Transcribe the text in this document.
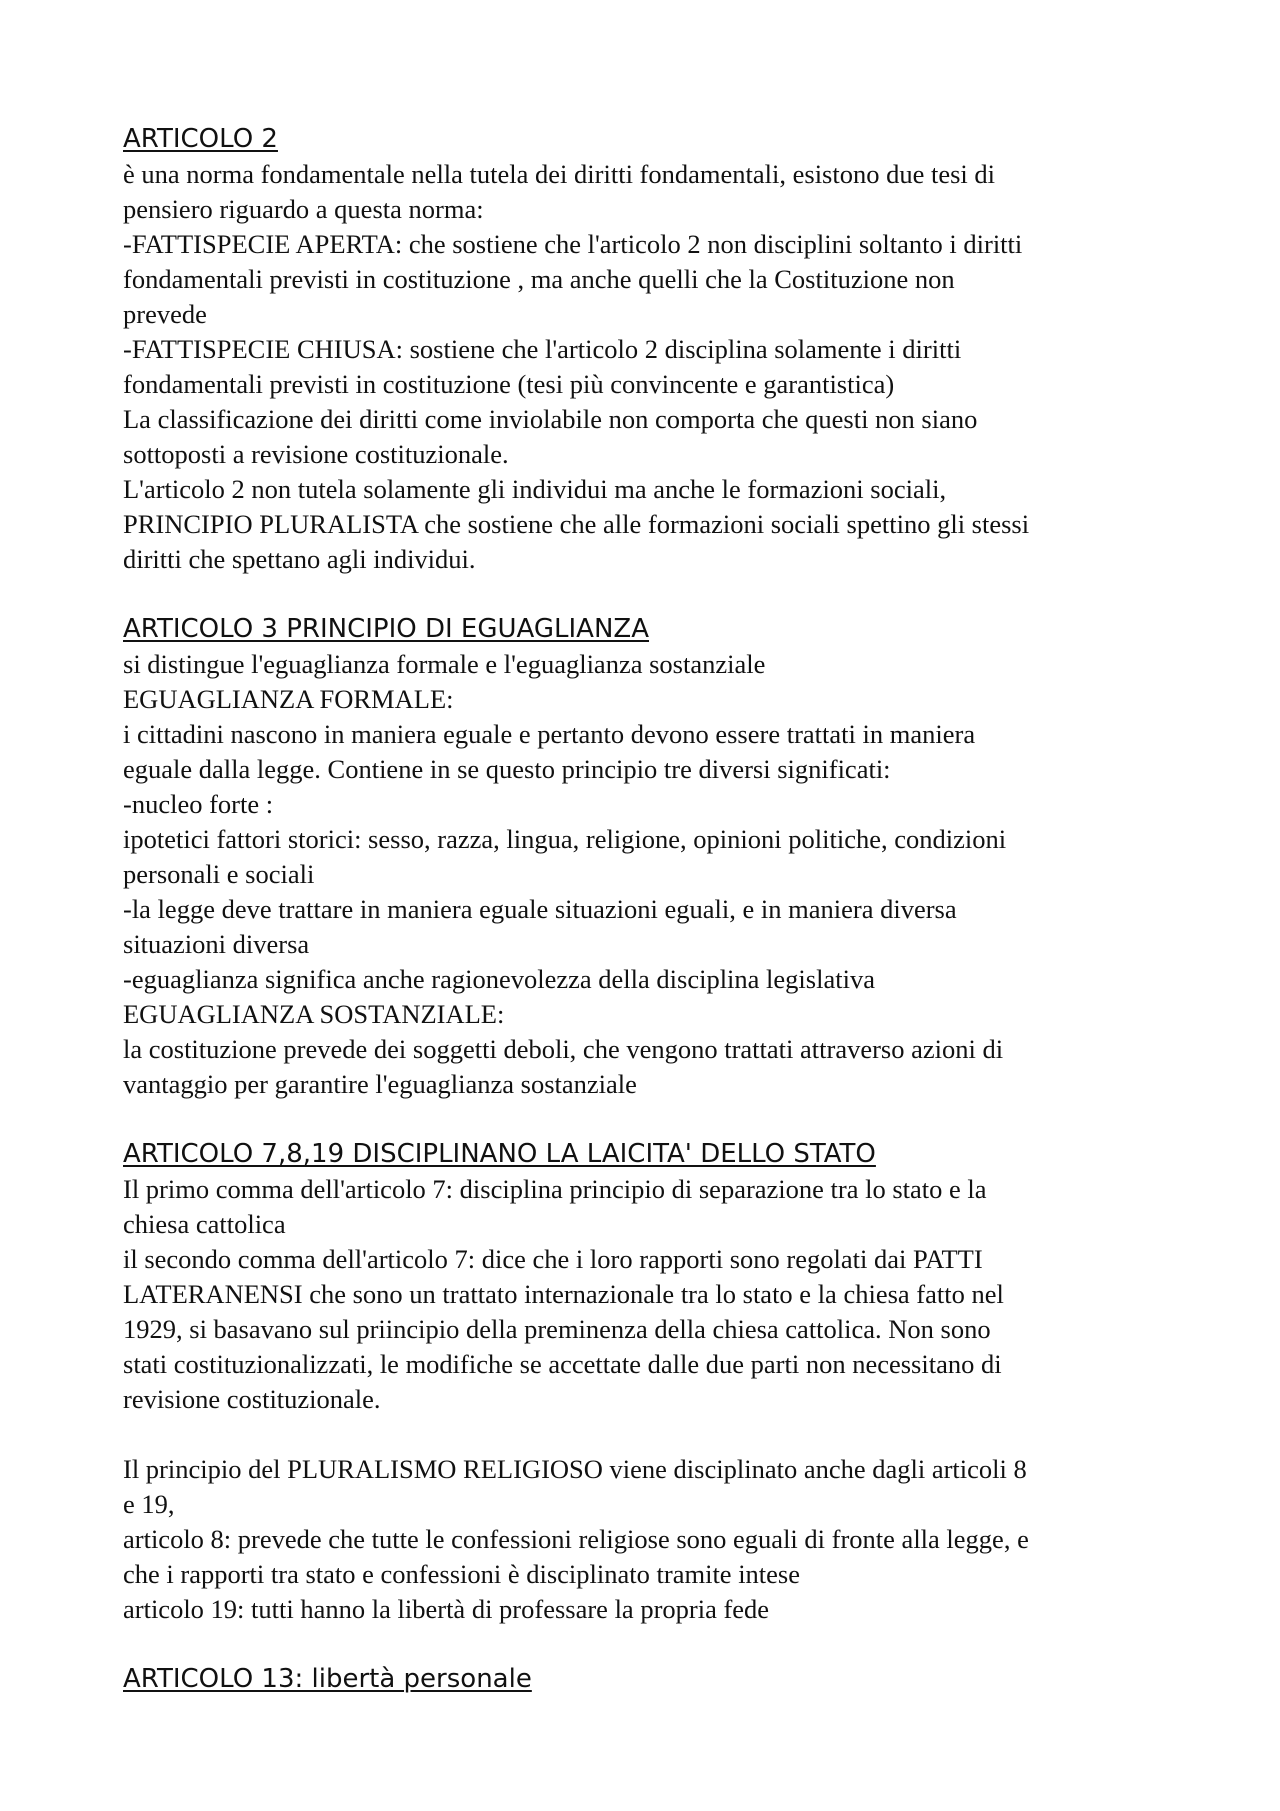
ARTICOLO 2
è una norma fondamentale nella tutela dei diritti fondamentali, esistono due tesi di
pensiero riguardo a questa norma:
-FATTISPECIE APERTA: che sostiene che l'articolo 2 non disciplini soltanto i diritti
fondamentali previsti in costituzione , ma anche quelli che la Costituzione non
prevede
-FATTISPECIE CHIUSA: sostiene che l'articolo 2 disciplina solamente i diritti
fondamentali previsti in costituzione (tesi più convincente e garantistica)
La classificazione dei diritti come inviolabile non comporta che questi non siano
sottoposti a revisione costituzionale.
L'articolo 2 non tutela solamente gli individui ma anche le formazioni sociali,
PRINCIPIO PLURALISTA che sostiene che alle formazioni sociali spettino gli stessi
diritti che spettano agli individui.
ARTICOLO 3 PRINCIPIO DI EGUAGLIANZA
si distingue l'eguaglianza formale e l'eguaglianza sostanziale
EGUAGLIANZA FORMALE:
i cittadini nascono in maniera eguale e pertanto devono essere trattati in maniera
eguale dalla legge. Contiene in se questo principio tre diversi significati:
-nucleo forte :
ipotetici fattori storici: sesso, razza, lingua, religione, opinioni politiche, condizioni
personali e sociali
-la legge deve trattare in maniera eguale situazioni eguali, e in maniera diversa
situazioni diversa
-eguaglianza significa anche ragionevolezza della disciplina legislativa
EGUAGLIANZA SOSTANZIALE:
la costituzione prevede dei soggetti deboli, che vengono trattati attraverso azioni di
vantaggio per garantire l'eguaglianza sostanziale
ARTICOLO 7,8,19 DISCIPLINANO LA LAICITA' DELLO STATO
Il primo comma dell'articolo 7: disciplina principio di separazione tra lo stato e la
chiesa cattolica
il secondo comma dell'articolo 7: dice che i loro rapporti sono regolati dai PATTI
LATERANENSI che sono un trattato internazionale tra lo stato e la chiesa fatto nel
1929, si basavano sul priincipio della preminenza della chiesa cattolica. Non sono
stati costituzionalizzati, le modifiche se accettate dalle due parti non necessitano di
revisione costituzionale.
Il principio del PLURALISMO RELIGIOSO viene disciplinato anche dagli articoli 8
e 19,
articolo 8: prevede che tutte le confessioni religiose sono eguali di fronte alla legge, e
che i rapporti tra stato e confessioni è disciplinato tramite intese
articolo 19: tutti hanno la libertà di professare la propria fede
ARTICOLO 13: libertà personale
